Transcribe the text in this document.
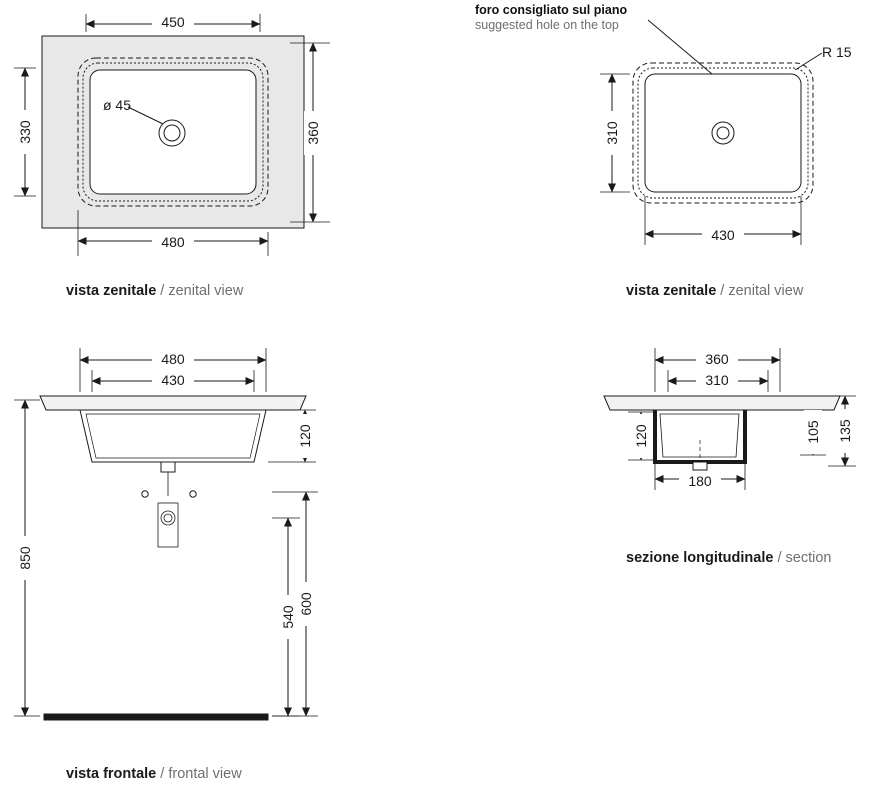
450
480
330	360
ø 45
310
430
R 15
480
430
120
850
600
540
360
310
120	105 135
180
foro consigliato sul piano
suggested hole on the top
vista zenitale / zenital view	vista zenitale / zenital view
sezione longitudinale / section
vista frontale / frontal view
